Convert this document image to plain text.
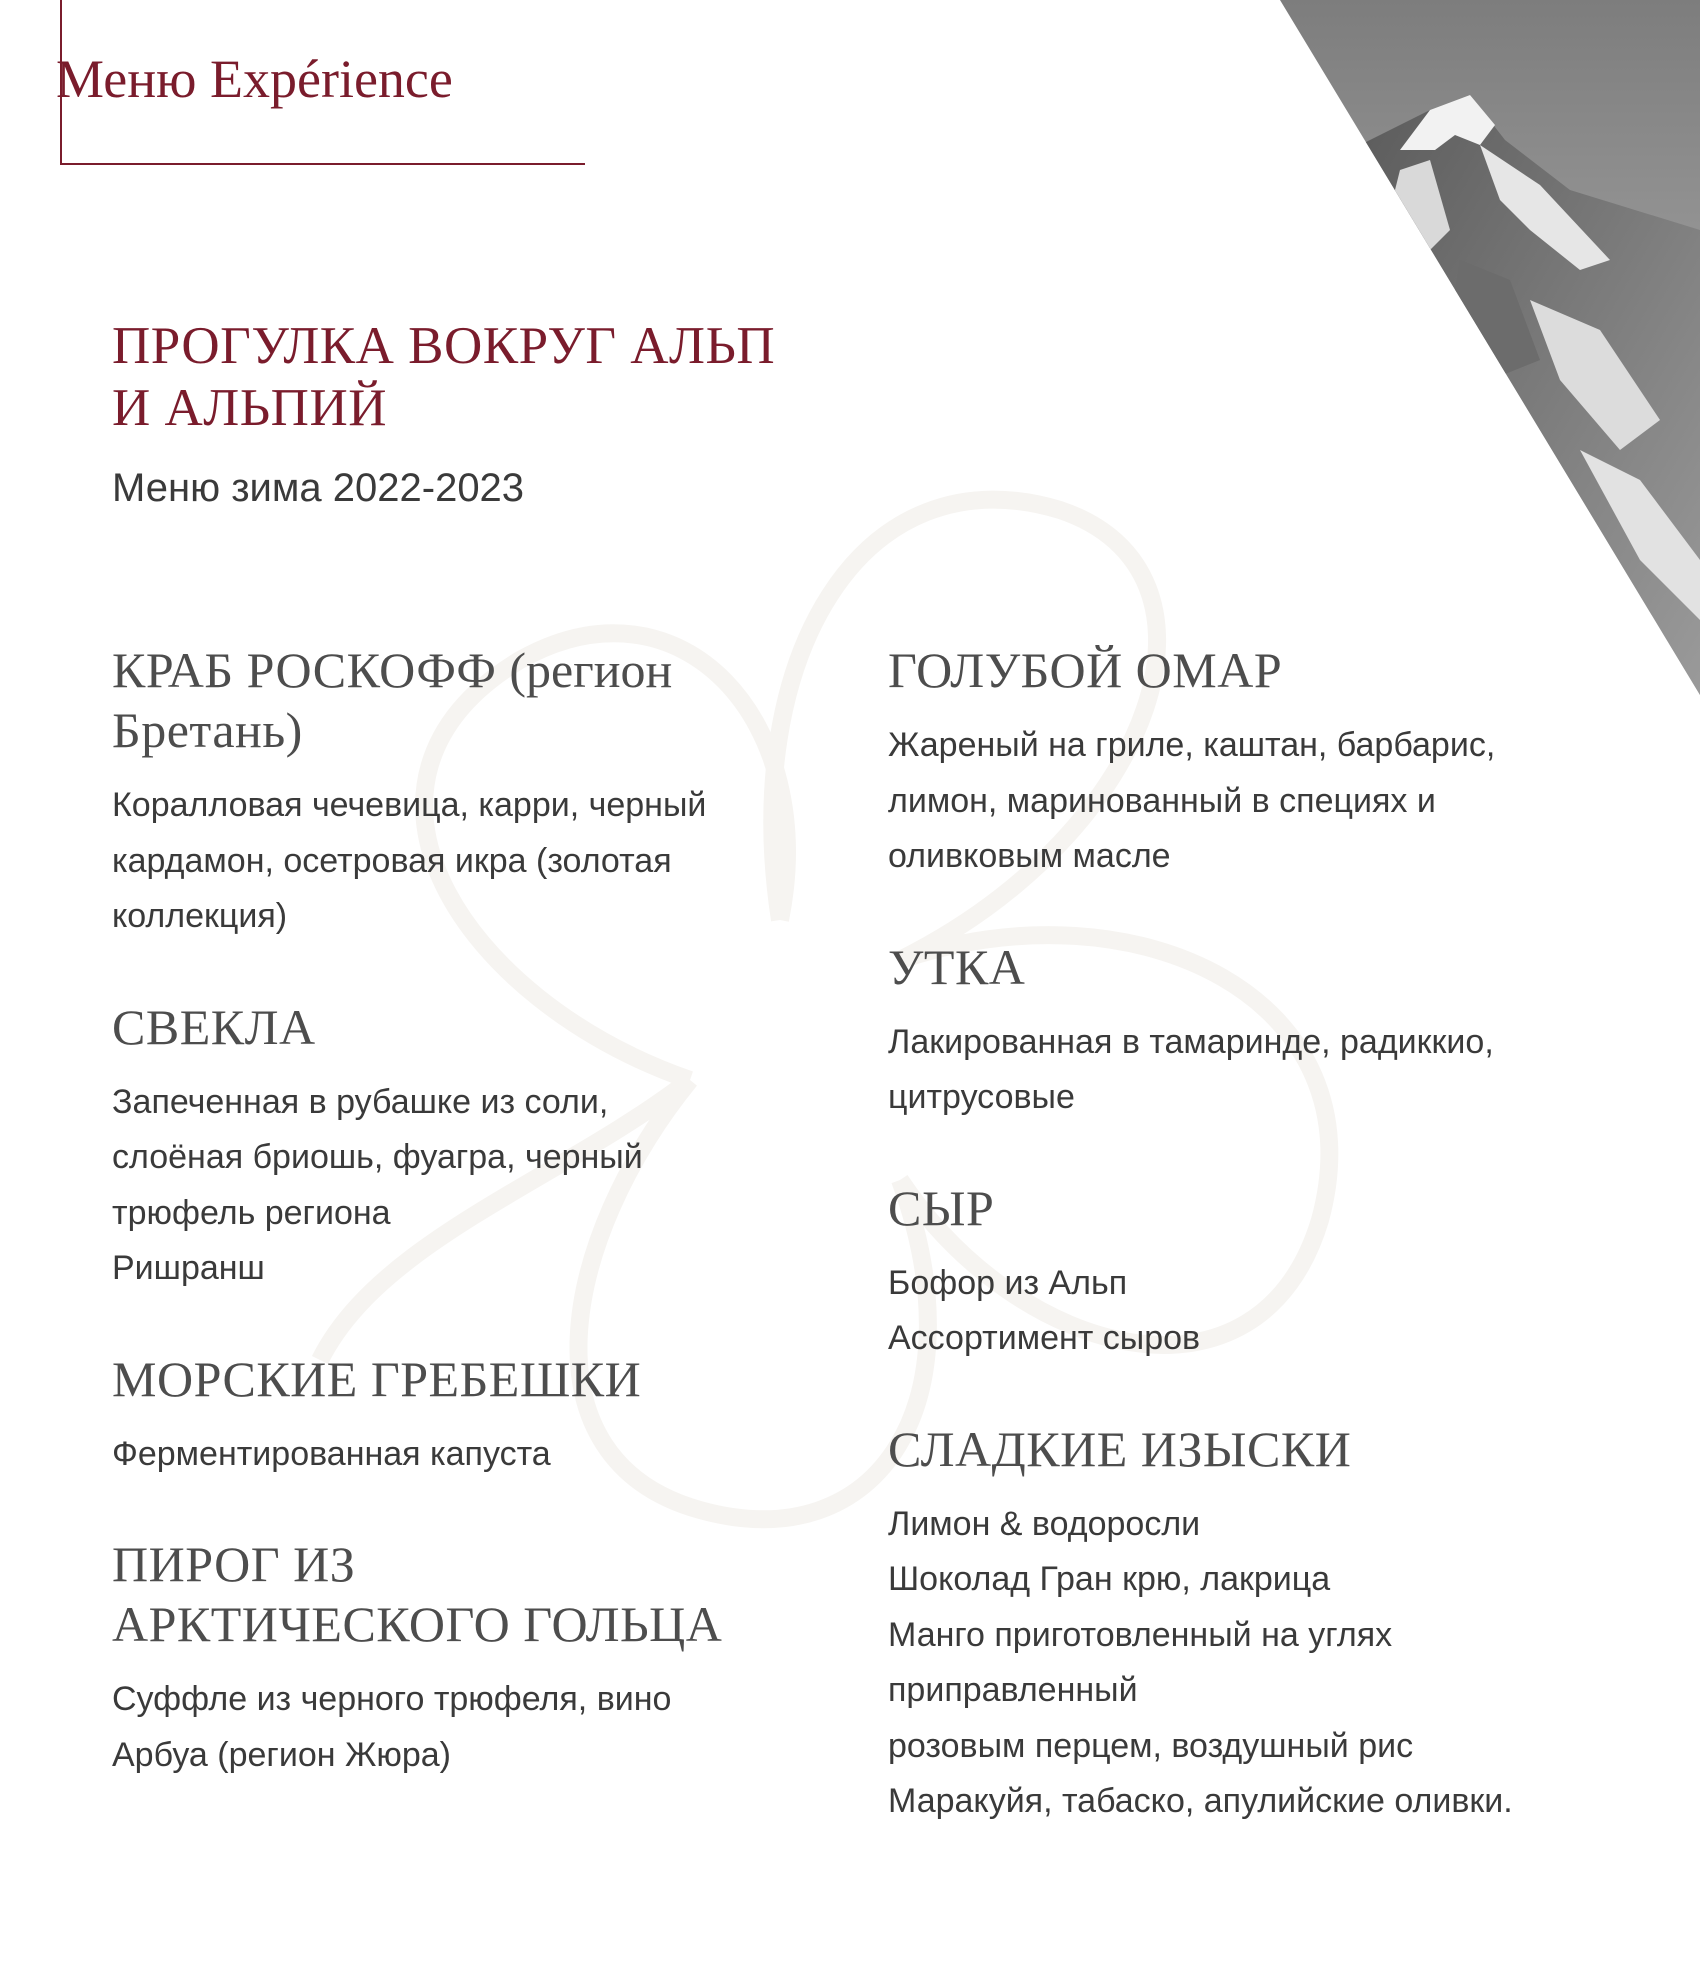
Меню Expérience
ПРОГУЛКА ВОКРУГ АЛЬП
И АЛЬПИЙ

Меню зима 2022-2023

КРАБ РОСКОФФ (регион
Бретань)

Коралловая чечевица, карри, черный
кардамон, осетровая икра (золотая
коллекция)

СВЕКЛА

Запеченная в рубашке из соли,
слоёная бриошь, фуагра, черный
трюфель региона
Ришранш

МОРСКИЕ ГРЕБЕШКИ

Ферментированная капуста

ПИРОГ ИЗ
АРКТИЧЕСКОГО ГОЛЬЦА

Суффле из черного трюфеля, вино
Арбуа (регион Жюра)

ГОЛУБОЙ ОМАР

Жареный на гриле, каштан, барбарис,
лимон, маринованный в специях и
оливковым масле

УТКА

Лакированная в тамаринде, радиккио,
цитрусовые

СЫР

Бофор из Альп
Ассортимент сыров

СЛАДКИЕ ИЗЫСКИ

Лимон & водоросли
Шоколад Гран крю, лакрица
Манго приготовленный на углях
приправленный
розовым перцем, воздушный рис
Маракуйя, табаско, апулийские оливки.
